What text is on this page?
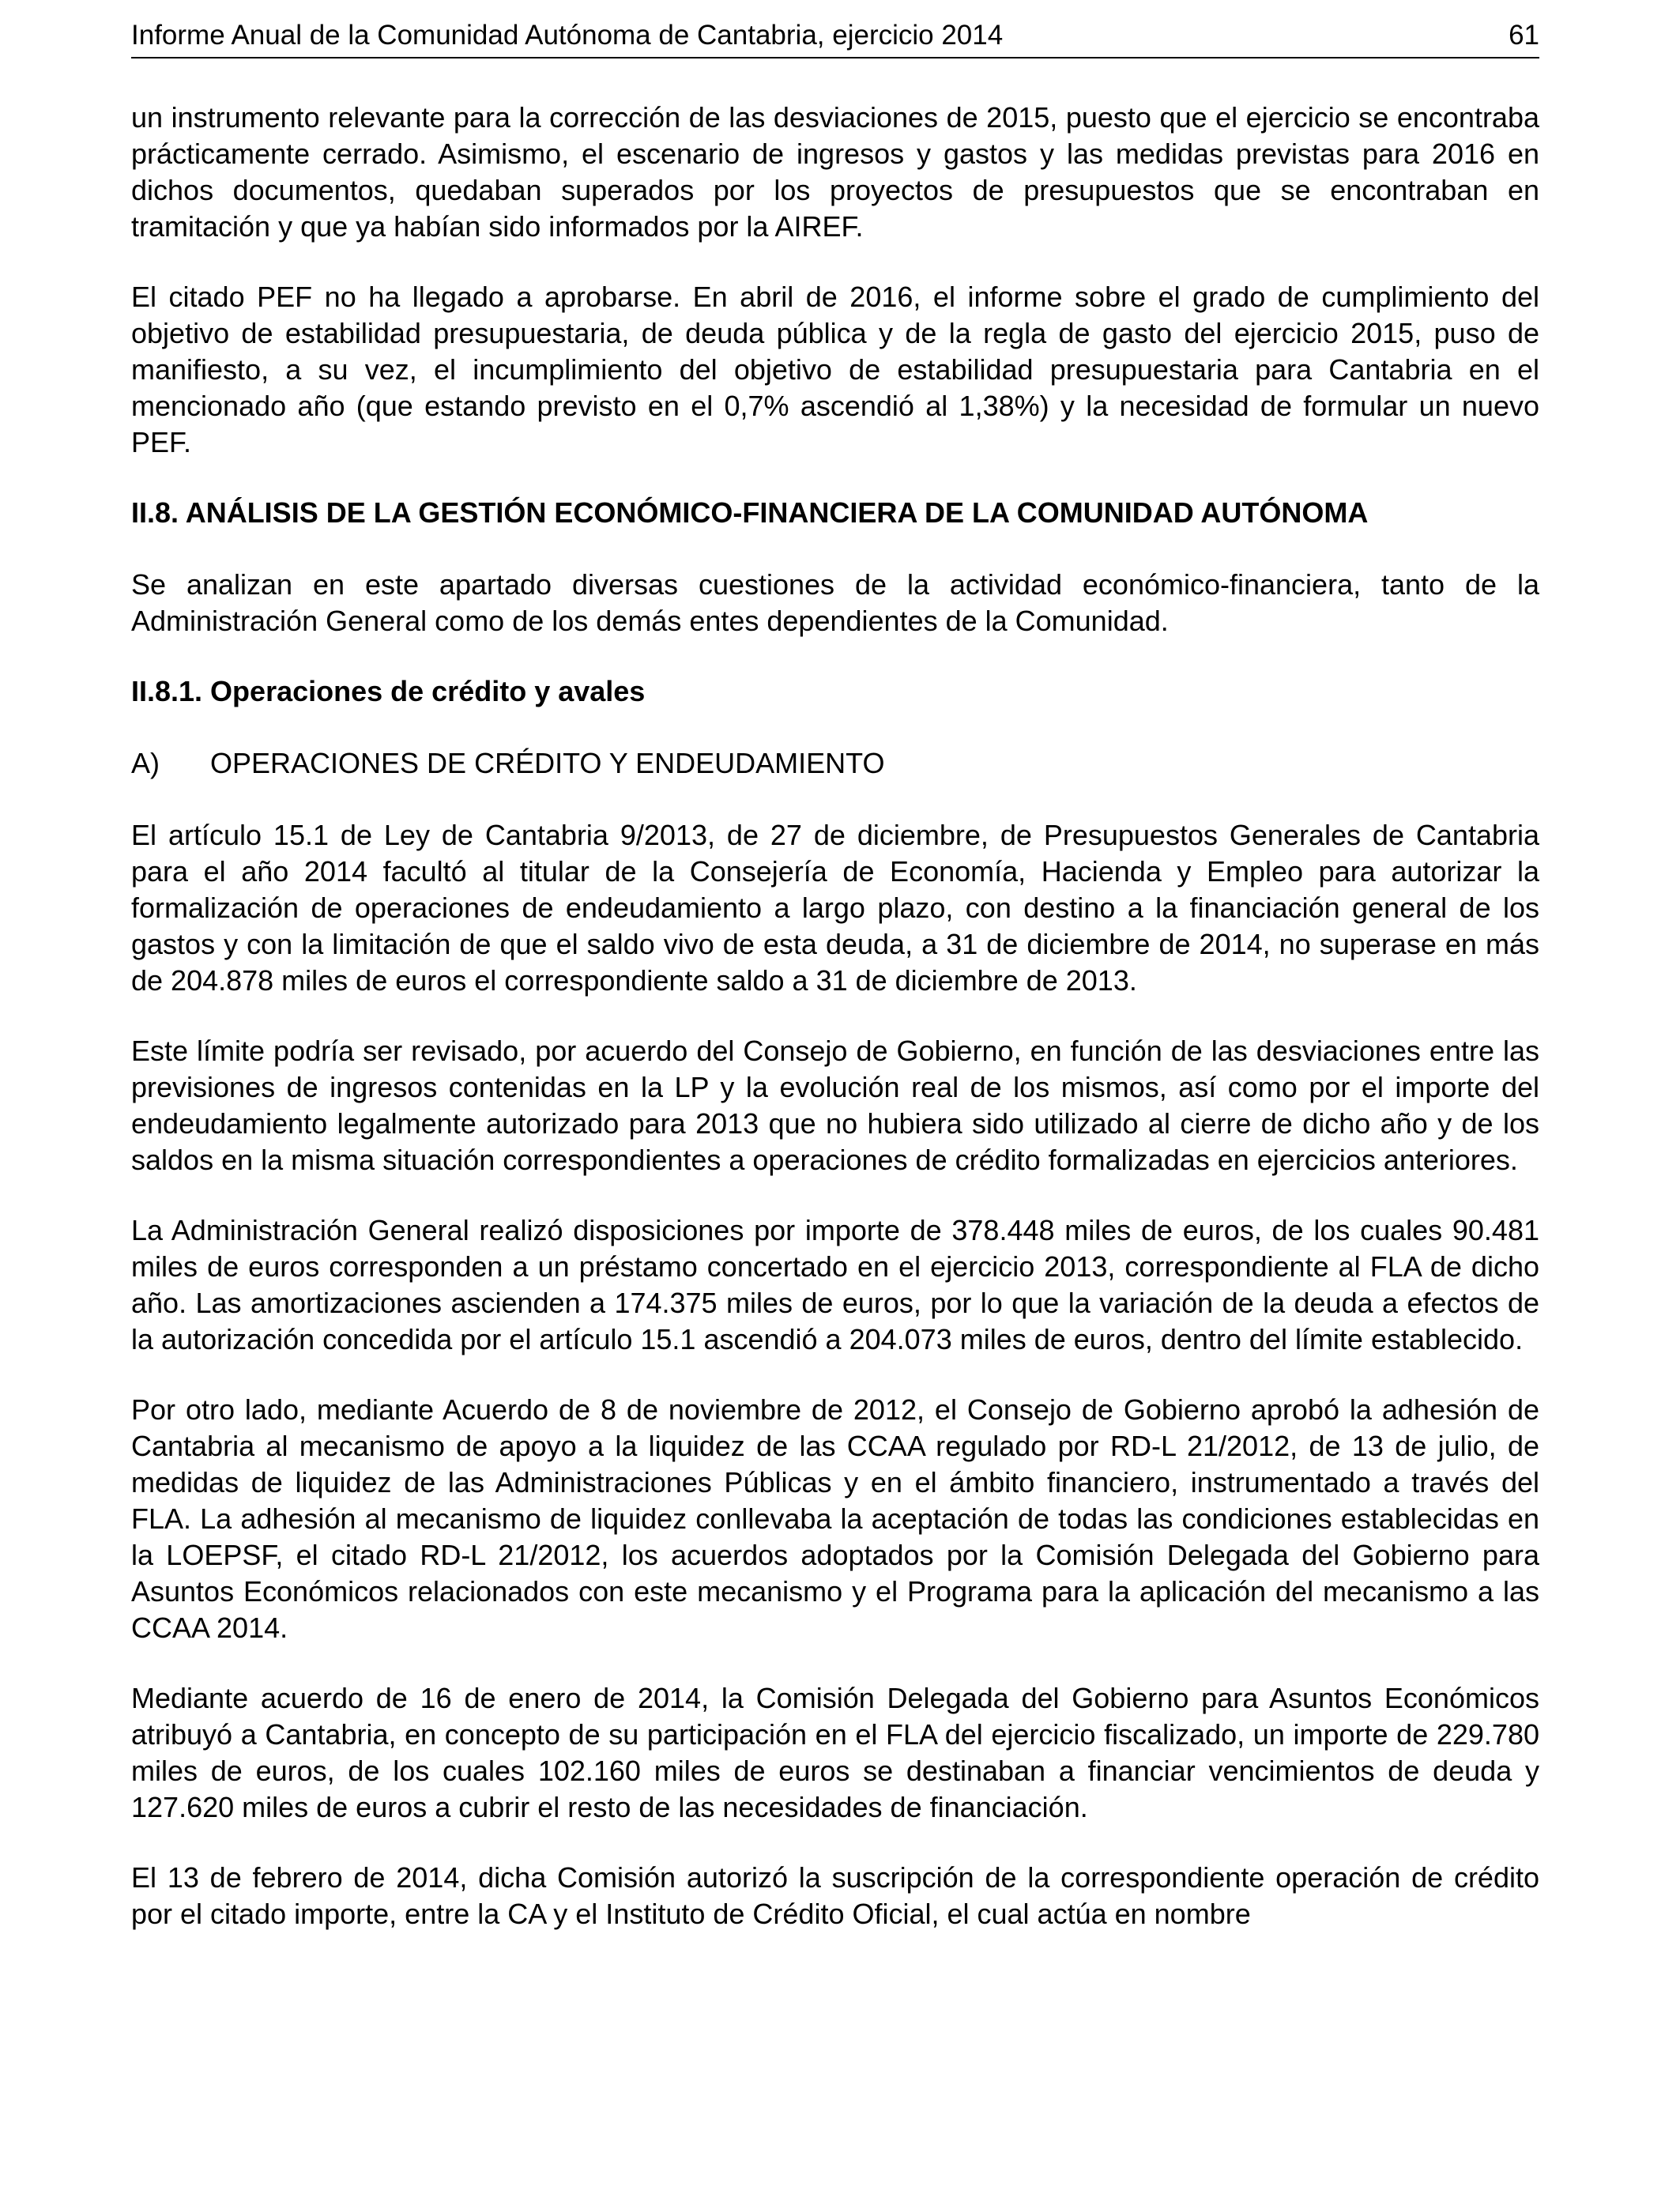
Informe Anual de la Comunidad Autónoma de Cantabria, ejercicio 2014	61

un instrumento relevante para la corrección de las desviaciones de 2015, puesto que el ejercicio se encontraba prácticamente cerrado. Asimismo, el escenario de ingresos y gastos y las medidas previstas para 2016 en dichos documentos, quedaban superados por los proyectos de presupuestos que se encontraban en tramitación y que ya habían sido informados por la AIREF.

El citado PEF no ha llegado a aprobarse. En abril de 2016, el informe sobre el grado de cumplimiento del objetivo de estabilidad presupuestaria, de deuda pública y de la regla de gasto del ejercicio 2015, puso de manifiesto, a su vez, el incumplimiento del objetivo de estabilidad presupuestaria para Cantabria en el mencionado año (que estando previsto en el 0,7% ascendió al 1,38%) y la necesidad de formular un nuevo PEF.

II.8. ANÁLISIS DE LA GESTIÓN ECONÓMICO-FINANCIERA DE LA COMUNIDAD AUTÓNOMA

Se analizan en este apartado diversas cuestiones de la actividad económico-financiera, tanto de la Administración General como de los demás entes dependientes de la Comunidad.

II.8.1. Operaciones de crédito y avales
A) OPERACIONES DE CRÉDITO Y ENDEUDAMIENTO

El artículo 15.1 de Ley de Cantabria 9/2013, de 27 de diciembre, de Presupuestos Generales de Cantabria para el año 2014 facultó al titular de la Consejería de Economía, Hacienda y Empleo para autorizar la formalización de operaciones de endeudamiento a largo plazo, con destino a la financiación general de los gastos y con la limitación de que el saldo vivo de esta deuda, a 31 de diciembre de 2014, no superase en más de 204.878 miles de euros el correspondiente saldo a 31 de diciembre de 2013.

Este límite podría ser revisado, por acuerdo del Consejo de Gobierno, en función de las desviaciones entre las previsiones de ingresos contenidas en la LP y la evolución real de los mismos, así como por el importe del endeudamiento legalmente autorizado para 2013 que no hubiera sido utilizado al cierre de dicho año y de los saldos en la misma situación correspondientes a operaciones de crédito formalizadas en ejercicios anteriores.

La Administración General realizó disposiciones por importe de 378.448 miles de euros, de los cuales 90.481 miles de euros corresponden a un préstamo concertado en el ejercicio 2013, correspondiente al FLA de dicho año. Las amortizaciones ascienden a 174.375 miles de euros, por lo que la variación de la deuda a efectos de la autorización concedida por el artículo 15.1 ascendió a 204.073 miles de euros, dentro del límite establecido.

Por otro lado, mediante Acuerdo de 8 de noviembre de 2012, el Consejo de Gobierno aprobó la adhesión de Cantabria al mecanismo de apoyo a la liquidez de las CCAA regulado por RD-L 21/2012, de 13 de julio, de medidas de liquidez de las Administraciones Públicas y en el ámbito financiero, instrumentado a través del FLA. La adhesión al mecanismo de liquidez conllevaba la aceptación de todas las condiciones establecidas en la LOEPSF, el citado RD-L 21/2012, los acuerdos adoptados por la Comisión Delegada del Gobierno para Asuntos Económicos relacionados con este mecanismo y el Programa para la aplicación del mecanismo a las CCAA 2014.

Mediante acuerdo de 16 de enero de 2014, la Comisión Delegada del Gobierno para Asuntos Económicos atribuyó a Cantabria, en concepto de su participación en el FLA del ejercicio fiscalizado, un importe de 229.780 miles de euros, de los cuales 102.160 miles de euros se destinaban a financiar vencimientos de deuda y 127.620 miles de euros a cubrir el resto de las necesidades de financiación.

El 13 de febrero de 2014, dicha Comisión autorizó la suscripción de la correspondiente operación de crédito por el citado importe, entre la CA y el Instituto de Crédito Oficial, el cual actúa en nombre
